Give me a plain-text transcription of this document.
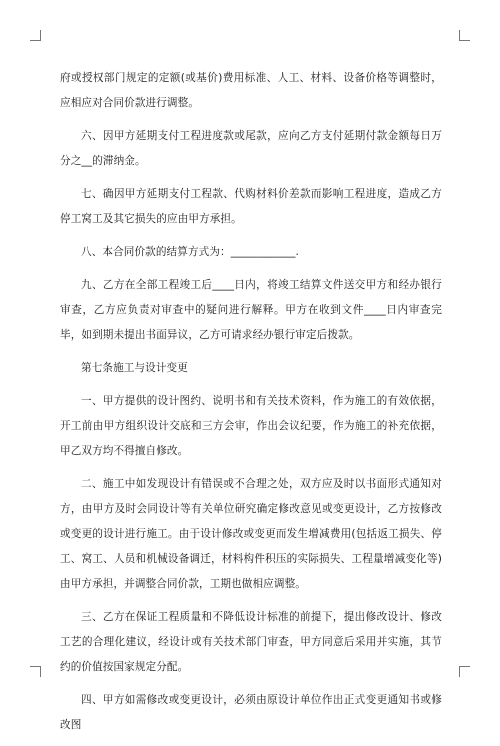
府或授权部门规定的定额(或基价)费用标准、人工、材料、设备价格等调整时，应相应对合同价款进行调整。

六、因甲方延期支付工程进度款或尾款，应向乙方支付延期付款金额每日万分之__的滞纳金。

七、确因甲方延期支付工程款、代购材料价差款而影响工程进度，造成乙方停工窝工及其它损失的应由甲方承担。

八、本合同价款的结算方式为：____________.

九、乙方在全部工程竣工后____日内，将竣工结算文件送交甲方和经办银行审查，乙方应负责对审查中的疑问进行解释。甲方在收到文件____日内审查完毕，如到期未提出书面异议，乙方可请求经办银行审定后拨款。

第七条施工与设计变更

一、甲方提供的设计图约、说明书和有关技术资料，作为施工的有效依据，开工前由甲方组织设计交底和三方会审，作出会议纪要，作为施工的补充依据，甲乙双方均不得擅自修改。

二、施工中如发现设计有错误或不合理之处，双方应及时以书面形式通知对方，由甲方及时会同设计等有关单位研究确定修改意见或变更设计，乙方按修改或变更的设计进行施工。由于设计修改或变更而发生增减费用(包括返工损失、停工、窝工、人员和机械设备调迁，材料构件积压的实际损失、工程量增减变化等)由甲方承担，并调整合同价款，工期也做相应调整。

三、乙方在保证工程质量和不降低设计标准的前提下，提出修改设计、修改工艺的合理化建议，经设计或有关技术部门审查，甲方同意后采用并实施，其节约的价值按国家规定分配。

四、甲方如需修改或变更设计，必须由原设计单位作出正式变更通知书或修改图
